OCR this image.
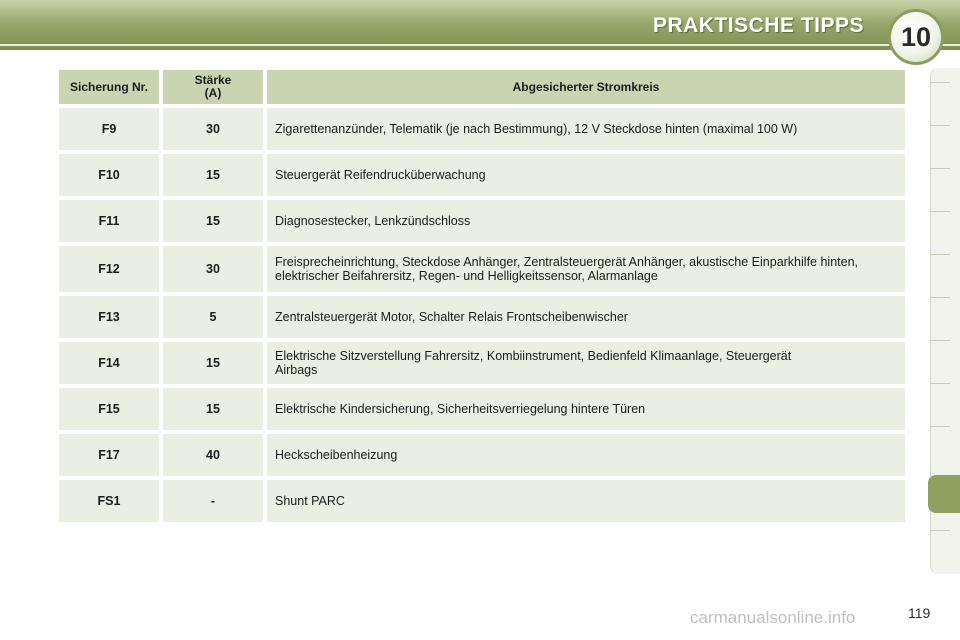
PRAKTISCHE TIPPS	10
Sicherung Nr.	Stärke (A)	Abgesicherter Stromkreis
F9	30	Zigarettenanzünder, Telematik (je nach Bestimmung), 12 V Steckdose hinten (maximal 100 W)
F10	15	Steuergerät Reifendrucküberwachung
F11	15	Diagnosestecker, Lenkzündschloss
F12	30	Freisprecheinrichtung, Steckdose Anhänger, Zentralsteuergerät Anhänger, akustische Einparkhilfe hinten, elektrischer Beifahrersitz, Regen- und Helligkeitssensor, Alarmanlage
F13	5	Zentralsteuergerät Motor, Schalter Relais Frontscheibenwischer
F14	15	Elektrische Sitzverstellung Fahrersitz, Kombiinstrument, Bedienfeld Klimaanlage, Steuergerät Airbags
F15	15	Elektrische Kindersicherung, Sicherheitsverriegelung hintere Türen
F17	40	Heckscheibenheizung
FS1	-	Shunt PARC
119
carmanualsonline.info
